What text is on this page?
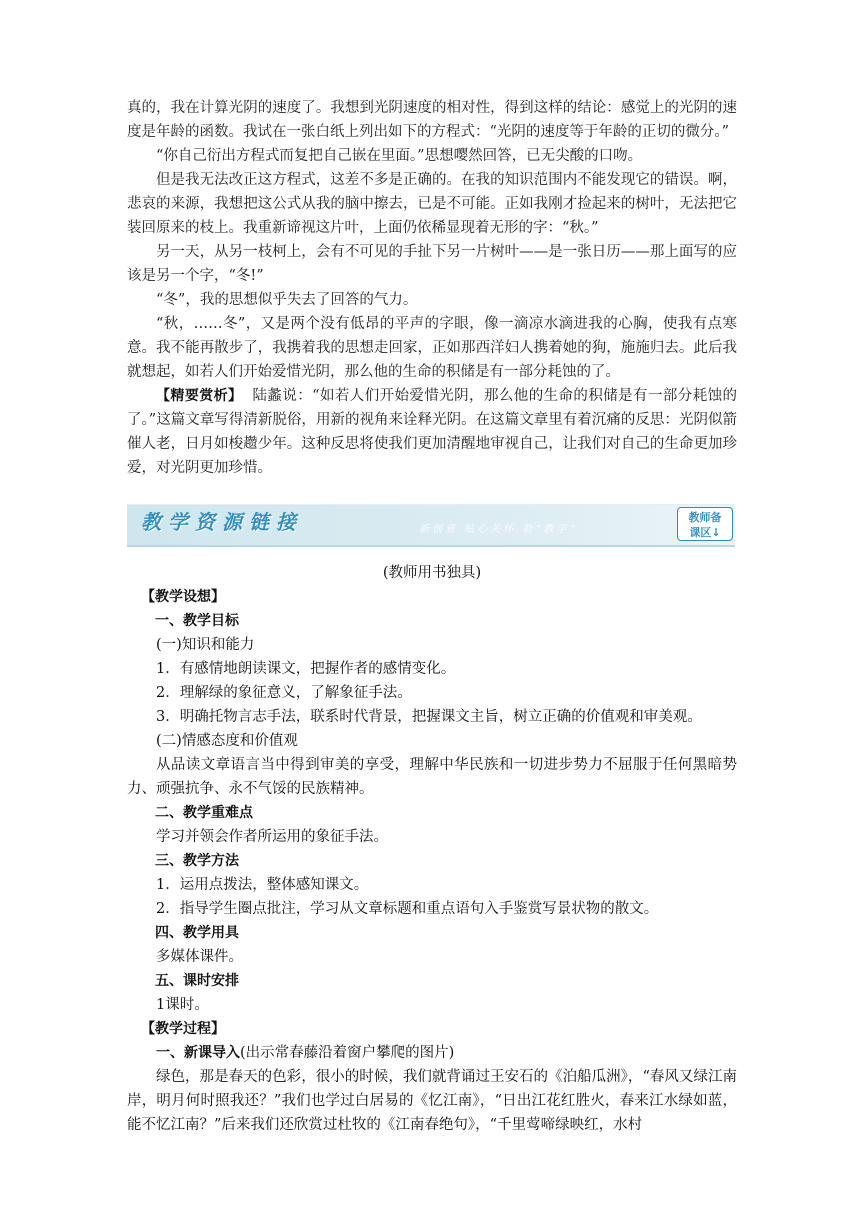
真的，我在计算光阴的速度了。我想到光阴速度的相对性，得到这样的结论：感觉上的光阴的速度是年龄的函数。我试在一张白纸上列出如下的方程式：“光阴的速度等于年龄的正切的微分。”

“你自己衍出方程式而复把自己嵌在里面。”思想嘤然回答，已无尖酸的口吻。

但是我无法改正这方程式，这差不多是正确的。在我的知识范围内不能发现它的错误。啊，悲哀的来源，我想把这公式从我的脑中擦去，已是不可能。正如我刚才捡起来的树叶，无法把它装回原来的枝上。我重新谛视这片叶，上面仍依稀显现着无形的字：“秋。”

另一天，从另一枝柯上，会有不可见的手扯下另一片树叶——是一张日历——那上面写的应该是另一个字，“冬!”

“冬”，我的思想似乎失去了回答的气力。

“秋，……冬”，又是两个没有低昂的平声的字眼，像一滴凉水滴进我的心胸，使我有点寒意。我不能再散步了，我携着我的思想走回家，正如那西洋妇人携着她的狗，施施归去。此后我就想起，如若人们开始爱惜光阴，那么他的生命的积储是有一部分耗蚀的了。

【精要赏析】 陆蠡说：“如若人们开始爱惜光阴，那么他的生命的积储是有一部分耗蚀的了。”这篇文章写得清新脱俗，用新的视角来诠释光阴。在这篇文章里有着沉痛的反思：光阴似箭催人老，日月如梭趱少年。这种反思将使我们更加清醒地审视自己，让我们对自己的生命更加珍爱，对光阴更加珍惜。

教学资源链接	新创意 贴心关怀 助“教学”
教师备
课区↓

(教师用书独具)

【教学设想】

一、教学目标

(一)知识和能力

1．有感情地朗读课文，把握作者的感情变化。

2．理解绿的象征意义，了解象征手法。

3．明确托物言志手法，联系时代背景，把握课文主旨，树立正确的价值观和审美观。

(二)情感态度和价值观

从品读文章语言当中得到审美的享受，理解中华民族和一切进步势力不屈服于任何黑暗势力、顽强抗争、永不气馁的民族精神。

二、教学重难点

学习并领会作者所运用的象征手法。

三、教学方法

1．运用点拨法，整体感知课文。

2．指导学生圈点批注，学习从文章标题和重点语句入手鉴赏写景状物的散文。

四、教学用具

多媒体课件。

五、课时安排

1课时。

【教学过程】

一、新课导入(出示常春藤沿着窗户攀爬的图片)

绿色，那是春天的色彩，很小的时候，我们就背诵过王安石的《泊船瓜洲》，“春风又绿江南岸，明月何时照我还？”我们也学过白居易的《忆江南》，“日出江花红胜火，春来江水绿如蓝，能不忆江南？”后来我们还欣赏过杜牧的《江南春绝句》，“千里莺啼绿映红，水村
